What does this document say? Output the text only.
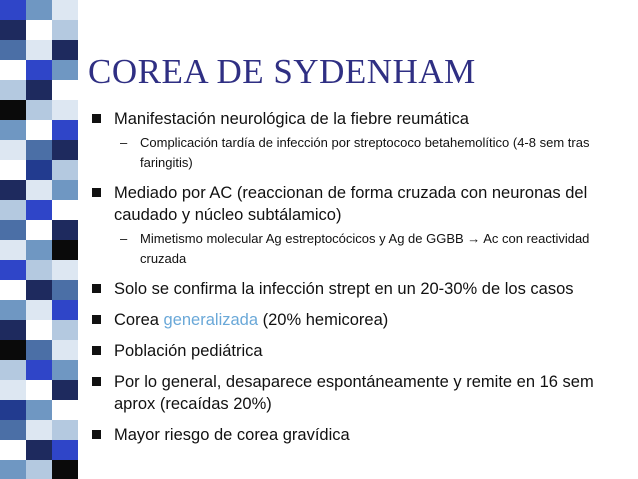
COREA DE SYDENHAM
Manifestación neurológica de la fiebre reumática
– Complicación tardía de infección por streptococo betahemolítico (4-8 sem tras faringitis)
Mediado por AC (reaccionan de forma cruzada con neuronas del caudado y núcleo subtálamico)
– Mimetismo molecular Ag estreptocócicos y Ag de GGBB → Ac con reactividad cruzada
Solo se confirma la infección strept en un 20-30% de los casos
Corea generalizada (20% hemicorea)
Población pediátrica
Por lo general, desaparece espontáneamente y remite en 16 sem aprox (recaídas 20%)
Mayor riesgo de corea gravídica
